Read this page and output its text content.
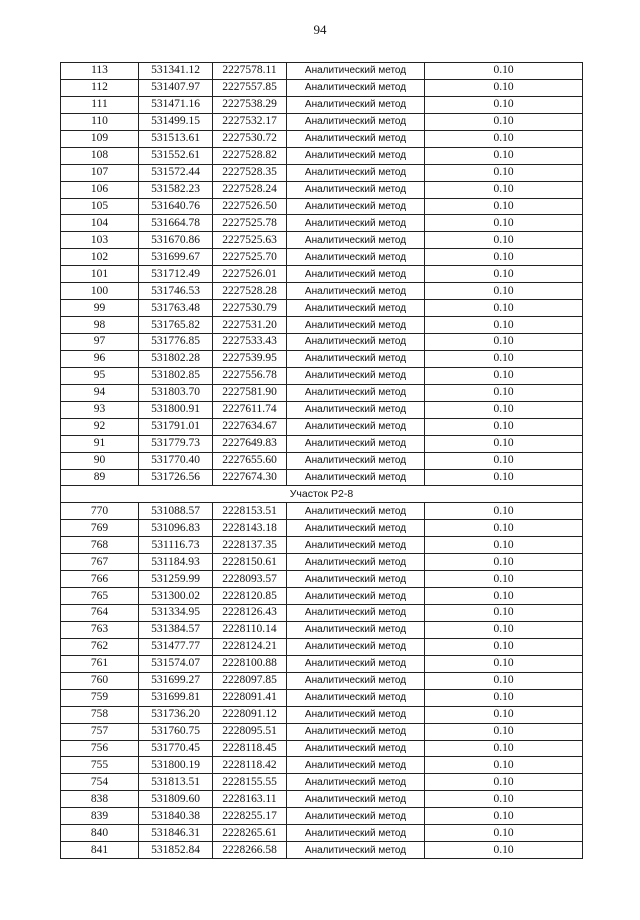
94
113	531341.12	2227578.11	Аналитический метод	0.10
112	531407.97	2227557.85	Аналитический метод	0.10
111	531471.16	2227538.29	Аналитический метод	0.10
110	531499.15	2227532.17	Аналитический метод	0.10
109	531513.61	2227530.72	Аналитический метод	0.10
108	531552.61	2227528.82	Аналитический метод	0.10
107	531572.44	2227528.35	Аналитический метод	0.10
106	531582.23	2227528.24	Аналитический метод	0.10
105	531640.76	2227526.50	Аналитический метод	0.10
104	531664.78	2227525.78	Аналитический метод	0.10
103	531670.86	2227525.63	Аналитический метод	0.10
102	531699.67	2227525.70	Аналитический метод	0.10
101	531712.49	2227526.01	Аналитический метод	0.10
100	531746.53	2227528.28	Аналитический метод	0.10
99	531763.48	2227530.79	Аналитический метод	0.10
98	531765.82	2227531.20	Аналитический метод	0.10
97	531776.85	2227533.43	Аналитический метод	0.10
96	531802.28	2227539.95	Аналитический метод	0.10
95	531802.85	2227556.78	Аналитический метод	0.10
94	531803.70	2227581.90	Аналитический метод	0.10
93	531800.91	2227611.74	Аналитический метод	0.10
92	531791.01	2227634.67	Аналитический метод	0.10
91	531779.73	2227649.83	Аналитический метод	0.10
90	531770.40	2227655.60	Аналитический метод	0.10
89	531726.56	2227674.30	Аналитический метод	0.10
Участок Р2-8				
770	531088.57	2228153.51	Аналитический метод	0.10
769	531096.83	2228143.18	Аналитический метод	0.10
768	531116.73	2228137.35	Аналитический метод	0.10
767	531184.93	2228150.61	Аналитический метод	0.10
766	531259.99	2228093.57	Аналитический метод	0.10
765	531300.02	2228120.85	Аналитический метод	0.10
764	531334.95	2228126.43	Аналитический метод	0.10
763	531384.57	2228110.14	Аналитический метод	0.10
762	531477.77	2228124.21	Аналитический метод	0.10
761	531574.07	2228100.88	Аналитический метод	0.10
760	531699.27	2228097.85	Аналитический метод	0.10
759	531699.81	2228091.41	Аналитический метод	0.10
758	531736.20	2228091.12	Аналитический метод	0.10
757	531760.75	2228095.51	Аналитический метод	0.10
756	531770.45	2228118.45	Аналитический метод	0.10
755	531800.19	2228118.42	Аналитический метод	0.10
754	531813.51	2228155.55	Аналитический метод	0.10
838	531809.60	2228163.11	Аналитический метод	0.10
839	531840.38	2228255.17	Аналитический метод	0.10
840	531846.31	2228265.61	Аналитический метод	0.10
841	531852.84	2228266.58	Аналитический метод	0.10
